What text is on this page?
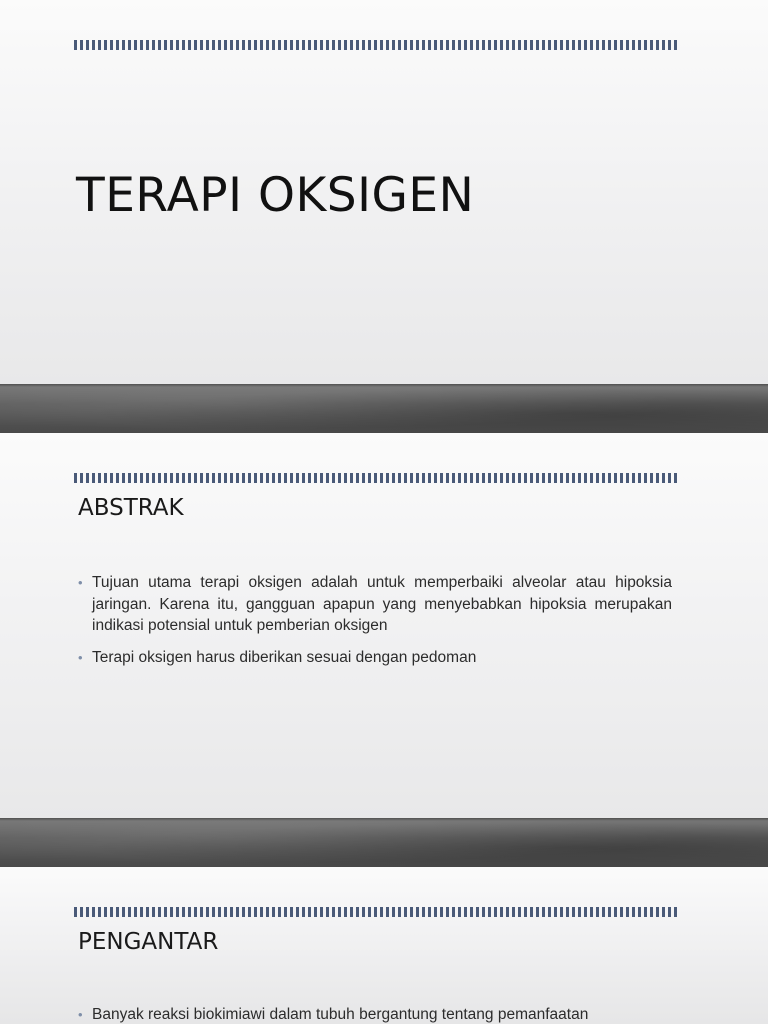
TERAPI OKSIGEN
ABSTRAK
• Tujuan utama terapi oksigen adalah untuk memperbaiki alveolar atau hipoksia jaringan. Karena itu, gangguan apapun yang menyebabkan hipoksia merupakan indikasi potensial untuk pemberian oksigen
• Terapi oksigen harus diberikan sesuai dengan pedoman
PENGANTAR
• Banyak reaksi biokimiawi dalam tubuh bergantung tentang pemanfaatan
